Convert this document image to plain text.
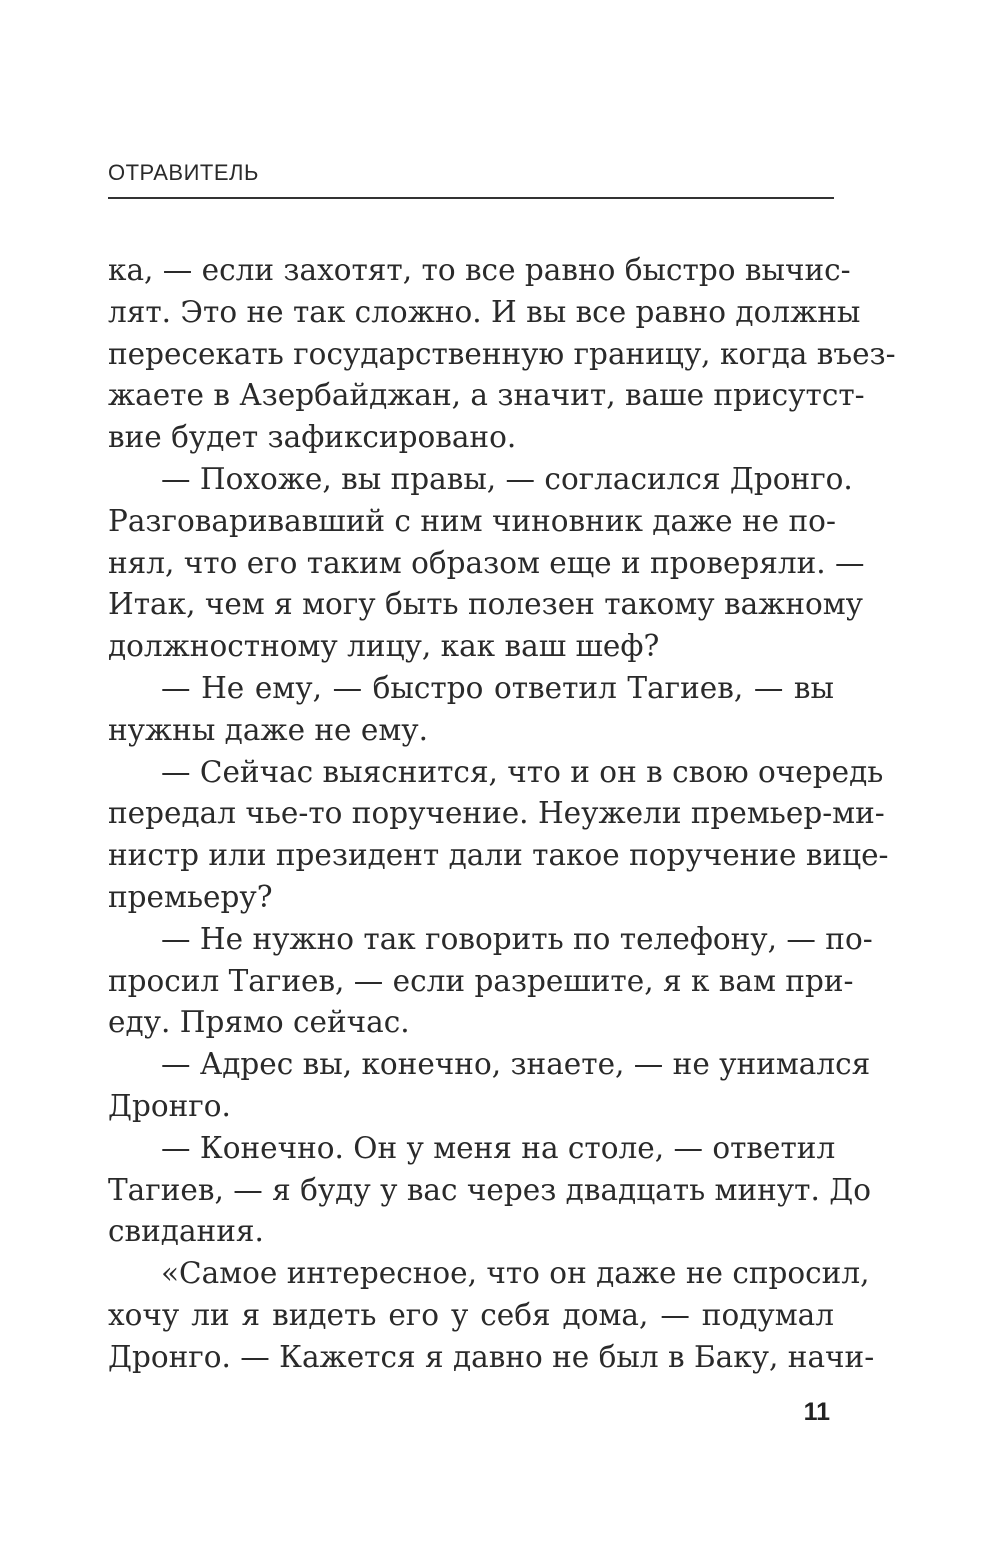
ОТРАВИТЕЛЬ
ка, — если захотят, то все равно быстро вычис-
лят. Это не так сложно. И вы все равно должны
пересекать государственную границу, когда въез-
жаете в Азербайджан, а значит, ваше присутст-
вие будет зафиксировано.
— Похоже, вы правы, — согласился Дронго.
Разговаривавший с ним чиновник даже не по-
нял, что его таким образом еще и проверяли. —
Итак, чем я могу быть полезен такому важному
должностному лицу, как ваш шеф?
— Не ему, — быстро ответил Тагиев, — вы
нужны даже не ему.
— Сейчас выяснится, что и он в свою очередь
передал чье-то поручение. Неужели премьер-ми-
нистр или президент дали такое поручение вице-
премьеру?
— Не нужно так говорить по телефону, — по-
просил Тагиев, — если разрешите, я к вам при-
еду. Прямо сейчас.
— Адрес вы, конечно, знаете, — не унимался
Дронго.
— Конечно. Он у меня на столе, — ответил
Тагиев, — я буду у вас через двадцать минут. До
свидания.
«Самое интересное, что он даже не спросил,
хочу ли я видеть его у себя дома, — подумал
Дронго. — Кажется я давно не был в Баку, начи-
11
